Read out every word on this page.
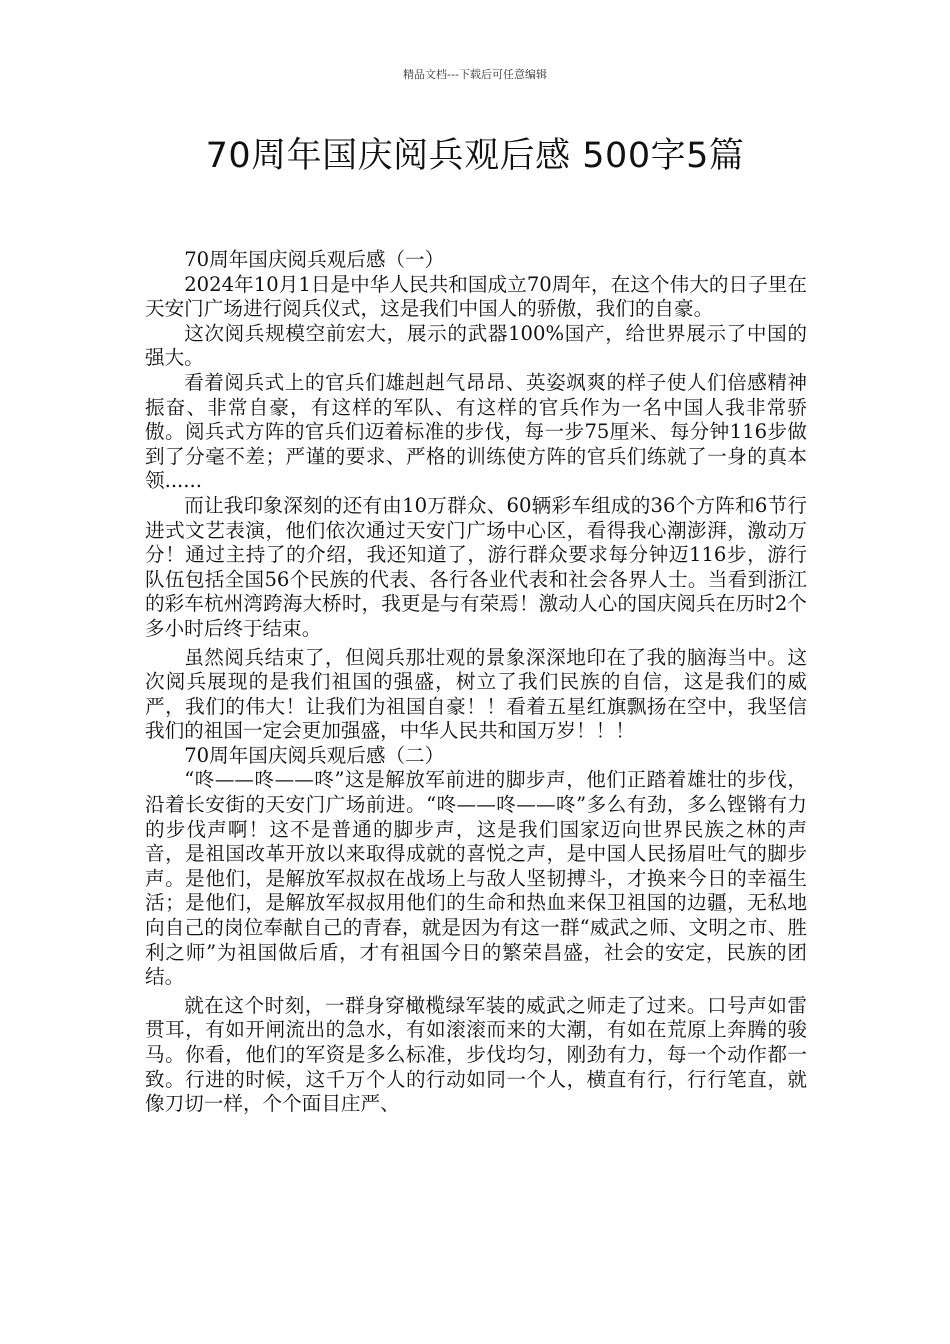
精品文档---下载后可任意编辑
70周年国庆阅兵观后感 500字5篇

70周年国庆阅兵观后感（一）

2024年10月1日是中华人民共和国成立70周年，在这个伟大的日子里在天安门广场进行阅兵仪式，这是我们中国人的骄傲，我们的自豪。

这次阅兵规模空前宏大，展示的武器100%国产，给世界展示了中国的强大。

看着阅兵式上的官兵们雄赳赳气昂昂、英姿飒爽的样子使人们倍感精神振奋、非常自豪，有这样的军队、有这样的官兵作为一名中国人我非常骄傲。阅兵式方阵的官兵们迈着标准的步伐，每一步75厘米、每分钟116步做到了分毫不差；严谨的要求、严格的训练使方阵的官兵们练就了一身的真本领......

而让我印象深刻的还有由10万群众、60辆彩车组成的36个方阵和6节行进式文艺表演，他们依次通过天安门广场中心区，看得我心潮澎湃，激动万分！通过主持了的介绍，我还知道了，游行群众要求每分钟迈116步，游行队伍包括全国56个民族的代表、各行各业代表和社会各界人士。当看到浙江的彩车杭州湾跨海大桥时，我更是与有荣焉！激动人心的国庆阅兵在历时2个多小时后终于结束。

虽然阅兵结束了，但阅兵那壮观的景象深深地印在了我的脑海当中。这次阅兵展现的是我们祖国的强盛，树立了我们民族的自信，这是我们的威严，我们的伟大！让我们为祖国自豪！！看着五星红旗飘扬在空中，我坚信我们的祖国一定会更加强盛，中华人民共和国万岁！！！

70周年国庆阅兵观后感（二）

“咚——咚——咚”这是解放军前进的脚步声，他们正踏着雄壮的步伐，沿着长安街的天安门广场前进。“咚——咚——咚”多么有劲，多么铿锵有力的步伐声啊！这不是普通的脚步声，这是我们国家迈向世界民族之林的声音，是祖国改革开放以来取得成就的喜悦之声，是中国人民扬眉吐气的脚步声。是他们，是解放军叔叔在战场上与敌人坚韧搏斗，才换来今日的幸福生活；是他们，是解放军叔叔用他们的生命和热血来保卫祖国的边疆，无私地向自己的岗位奉献自己的青春，就是因为有这一群“威武之师、文明之市、胜利之师”为祖国做后盾，才有祖国今日的繁荣昌盛，社会的安定，民族的团结。

就在这个时刻，一群身穿橄榄绿军装的威武之师走了过来。口号声如雷贯耳，有如开闸流出的急水，有如滚滚而来的大潮，有如在荒原上奔腾的骏马。你看，他们的军资是多么标准，步伐均匀，刚劲有力，每一个动作都一致。行进的时候，这千万个人的行动如同一个人，横直有行，行行笔直，就像刀切一样，个个面目庄严、
